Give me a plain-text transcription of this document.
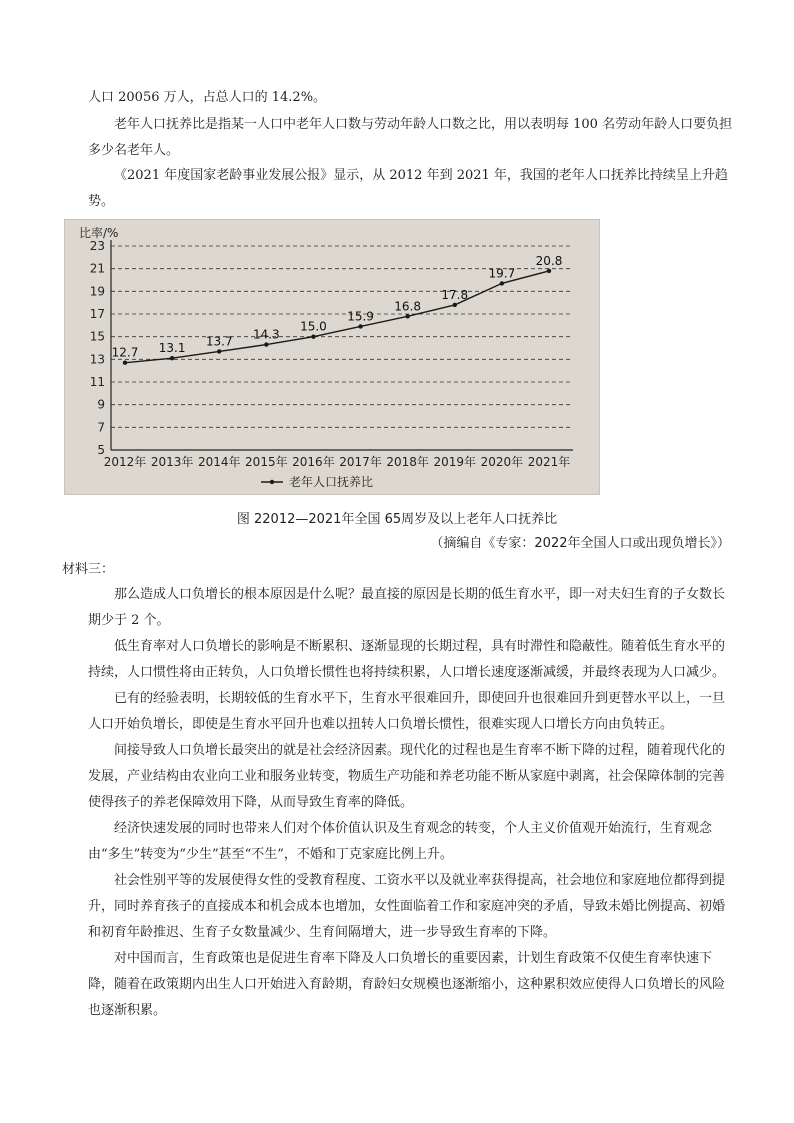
人口 20056 万人，占总人口的 14.2%。

老年人口抚养比是指某一人口中老年人口数与劳动年龄人口数之比，用以表明每 100 名劳动年龄人口要负担多少名老年人。

《2021 年度国家老龄事业发展公报》显示，从 2012 年到 2021 年，我国的老年人口抚养比持续呈上升趋势。

5
7
9
11
13
15
17
19
21
23
比率/%
2012年 2013年 2014年 2015年 2016年 2017年 2018年 2019年 2020年 2021年
12.7 13.1 13.7 14.3
15.0
15.9
16.8
17.8
19.7
20.8
老年人口抚养比
图 22012—2021年全国 65周岁及以上老年人口抚养比
（摘编自《专家：2022年全国人口或出现负增长》）
材料三：

那么造成人口负增长的根本原因是什么呢？最直接的原因是长期的低生育水平，即一对夫妇生育的子女数长期少于 2 个。

低生育率对人口负增长的影响是不断累积、逐渐显现的长期过程，具有时滞性和隐蔽性。随着低生育水平的持续，人口惯性将由正转负，人口负增长惯性也将持续积累，人口增长速度逐渐减缓，并最终表现为人口减少。

已有的经验表明，长期较低的生育水平下，生育水平很难回升，即使回升也很难回升到更替水平以上，一旦人口开始负增长，即使是生育水平回升也难以扭转人口负增长惯性，很难实现人口增长方向由负转正。

间接导致人口负增长最突出的就是社会经济因素。现代化的过程也是生育率不断下降的过程，随着现代化的发展，产业结构由农业向工业和服务业转变，物质生产功能和养老功能不断从家庭中剥离，社会保障体制的完善使得孩子的养老保障效用下降，从而导致生育率的降低。

经济快速发展的同时也带来人们对个体价值认识及生育观念的转变，个人主义价值观开始流行，生育观念由“多生”转变为“少生”甚至“不生”，不婚和丁克家庭比例上升。

社会性别平等的发展使得女性的受教育程度、工资水平以及就业率获得提高，社会地位和家庭地位都得到提升，同时养育孩子的直接成本和机会成本也增加，女性面临着工作和家庭冲突的矛盾，导致未婚比例提高、初婚和初育年龄推迟、生育子女数量减少、生育间隔增大，进一步导致生育率的下降。

对中国而言，生育政策也是促进生育率下降及人口负增长的重要因素，计划生育政策不仅使生育率快速下降，随着在政策期内出生人口开始进入育龄期，育龄妇女规模也逐渐缩小，这种累积效应使得人口负增长的风险也逐渐积累。
